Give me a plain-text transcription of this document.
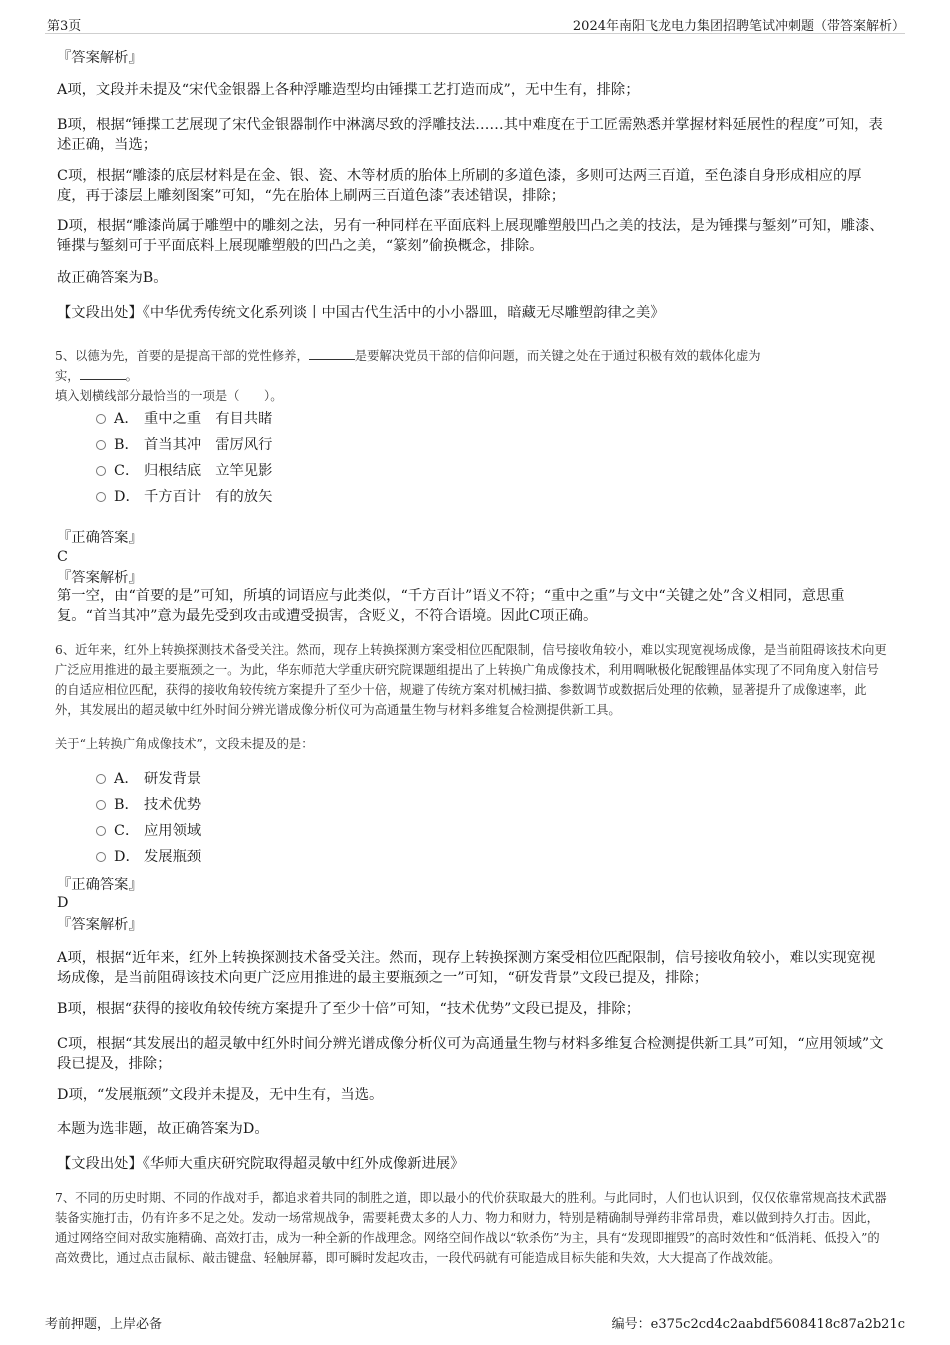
第3页	2024年南阳飞龙电力集团招聘笔试冲刺题（带答案解析）
『答案解析』
A项，文段并未提及“宋代金银器上各种浮雕造型均由锤揲工艺打造而成”，无中生有，排除；
B项，根据“锤揲工艺展现了宋代金银器制作中淋漓尽致的浮雕技法……其中难度在于工匠需熟悉并掌握材料延展性的程度”可知，表述正确，当选；
C项，根据“雕漆的底层材料是在金、银、瓷、木等材质的胎体上所刷的多道色漆，多则可达两三百道，至色漆自身形成相应的厚度，再于漆层上雕刻图案”可知，“先在胎体上刷两三百道色漆”表述错误，排除；
D项，根据“雕漆尚属于雕塑中的雕刻之法，另有一种同样在平面底料上展现雕塑般凹凸之美的技法，是为锤揲与錾刻”可知，雕漆、锤揲与錾刻可于平面底料上展现雕塑般的凹凸之美，“篆刻”偷换概念，排除。
故正确答案为B。
【文段出处】《中华优秀传统文化系列谈丨中国古代生活中的小小器皿，暗藏无尽雕塑韵律之美》
5、以德为先，首要的是提高干部的党性修养，	是要解决党员干部的信仰问题，而关键之处在于通过积极有效的载体化虚为
实，	。
填入划横线部分最恰当的一项是（　　）。
A． 重中之重 有目共睹
B． 首当其冲 雷厉风行
C． 归根结底 立竿见影
D． 千方百计 有的放矢
『正确答案』
C
『答案解析』
第一空，由“首要的是”可知，所填的词语应与此类似，“千方百计”语义不符；“重中之重”与文中“关键之处”含义相同，意思重复。“首当其冲”意为最先受到攻击或遭受损害，含贬义，不符合语境。因此C项正确。
6、近年来，红外上转换探测技术备受关注。然而，现存上转换探测方案受相位匹配限制，信号接收角较小，难以实现宽视场成像，是当前阻碍该技术向更广泛应用推进的最主要瓶颈之一。为此，华东师范大学重庆研究院课题组提出了上转换广角成像技术，利用啁啾极化铌酸锂晶体实现了不同角度入射信号的自适应相位匹配，获得的接收角较传统方案提升了至少十倍，规避了传统方案对机械扫描、参数调节或数据后处理的依赖，显著提升了成像速率，此外，其发展出的超灵敏中红外时间分辨光谱成像分析仪可为高通量生物与材料多维复合检测提供新工具。
关于“上转换广角成像技术”，文段未提及的是：
A． 研发背景
B． 技术优势
C． 应用领域
D． 发展瓶颈
『正确答案』
D
『答案解析』
A项，根据“近年来，红外上转换探测技术备受关注。然而，现存上转换探测方案受相位匹配限制，信号接收角较小，难以实现宽视场成像，是当前阻碍该技术向更广泛应用推进的最主要瓶颈之一”可知，“研发背景”文段已提及，排除；
B项，根据“获得的接收角较传统方案提升了至少十倍”可知，“技术优势”文段已提及，排除；
C项，根据“其发展出的超灵敏中红外时间分辨光谱成像分析仪可为高通量生物与材料多维复合检测提供新工具”可知，“应用领域”文段已提及，排除；
D项，“发展瓶颈”文段并未提及，无中生有，当选。
本题为选非题，故正确答案为D。
【文段出处】《华师大重庆研究院取得超灵敏中红外成像新进展》
7、不同的历史时期、不同的作战对手，都追求着共同的制胜之道，即以最小的代价获取最大的胜利。与此同时，人们也认识到，仅仅依靠常规高技术武器装备实施打击，仍有许多不足之处。发动一场常规战争，需要耗费太多的人力、物力和财力，特别是精确制导弹药非常昂贵，难以做到持久打击。因此，通过网络空间对敌实施精确、高效打击，成为一种全新的作战理念。网络空间作战以“软杀伤”为主，具有“发现即摧毁”的高时效性和“低消耗、低投入”的高效费比，通过点击鼠标、敲击键盘、轻触屏幕，即可瞬时发起攻击，一段代码就有可能造成目标失能和失效，大大提高了作战效能。
考前押题，上岸必备	编号：e375c2cd4c2aabdf5608418c87a2b21c
